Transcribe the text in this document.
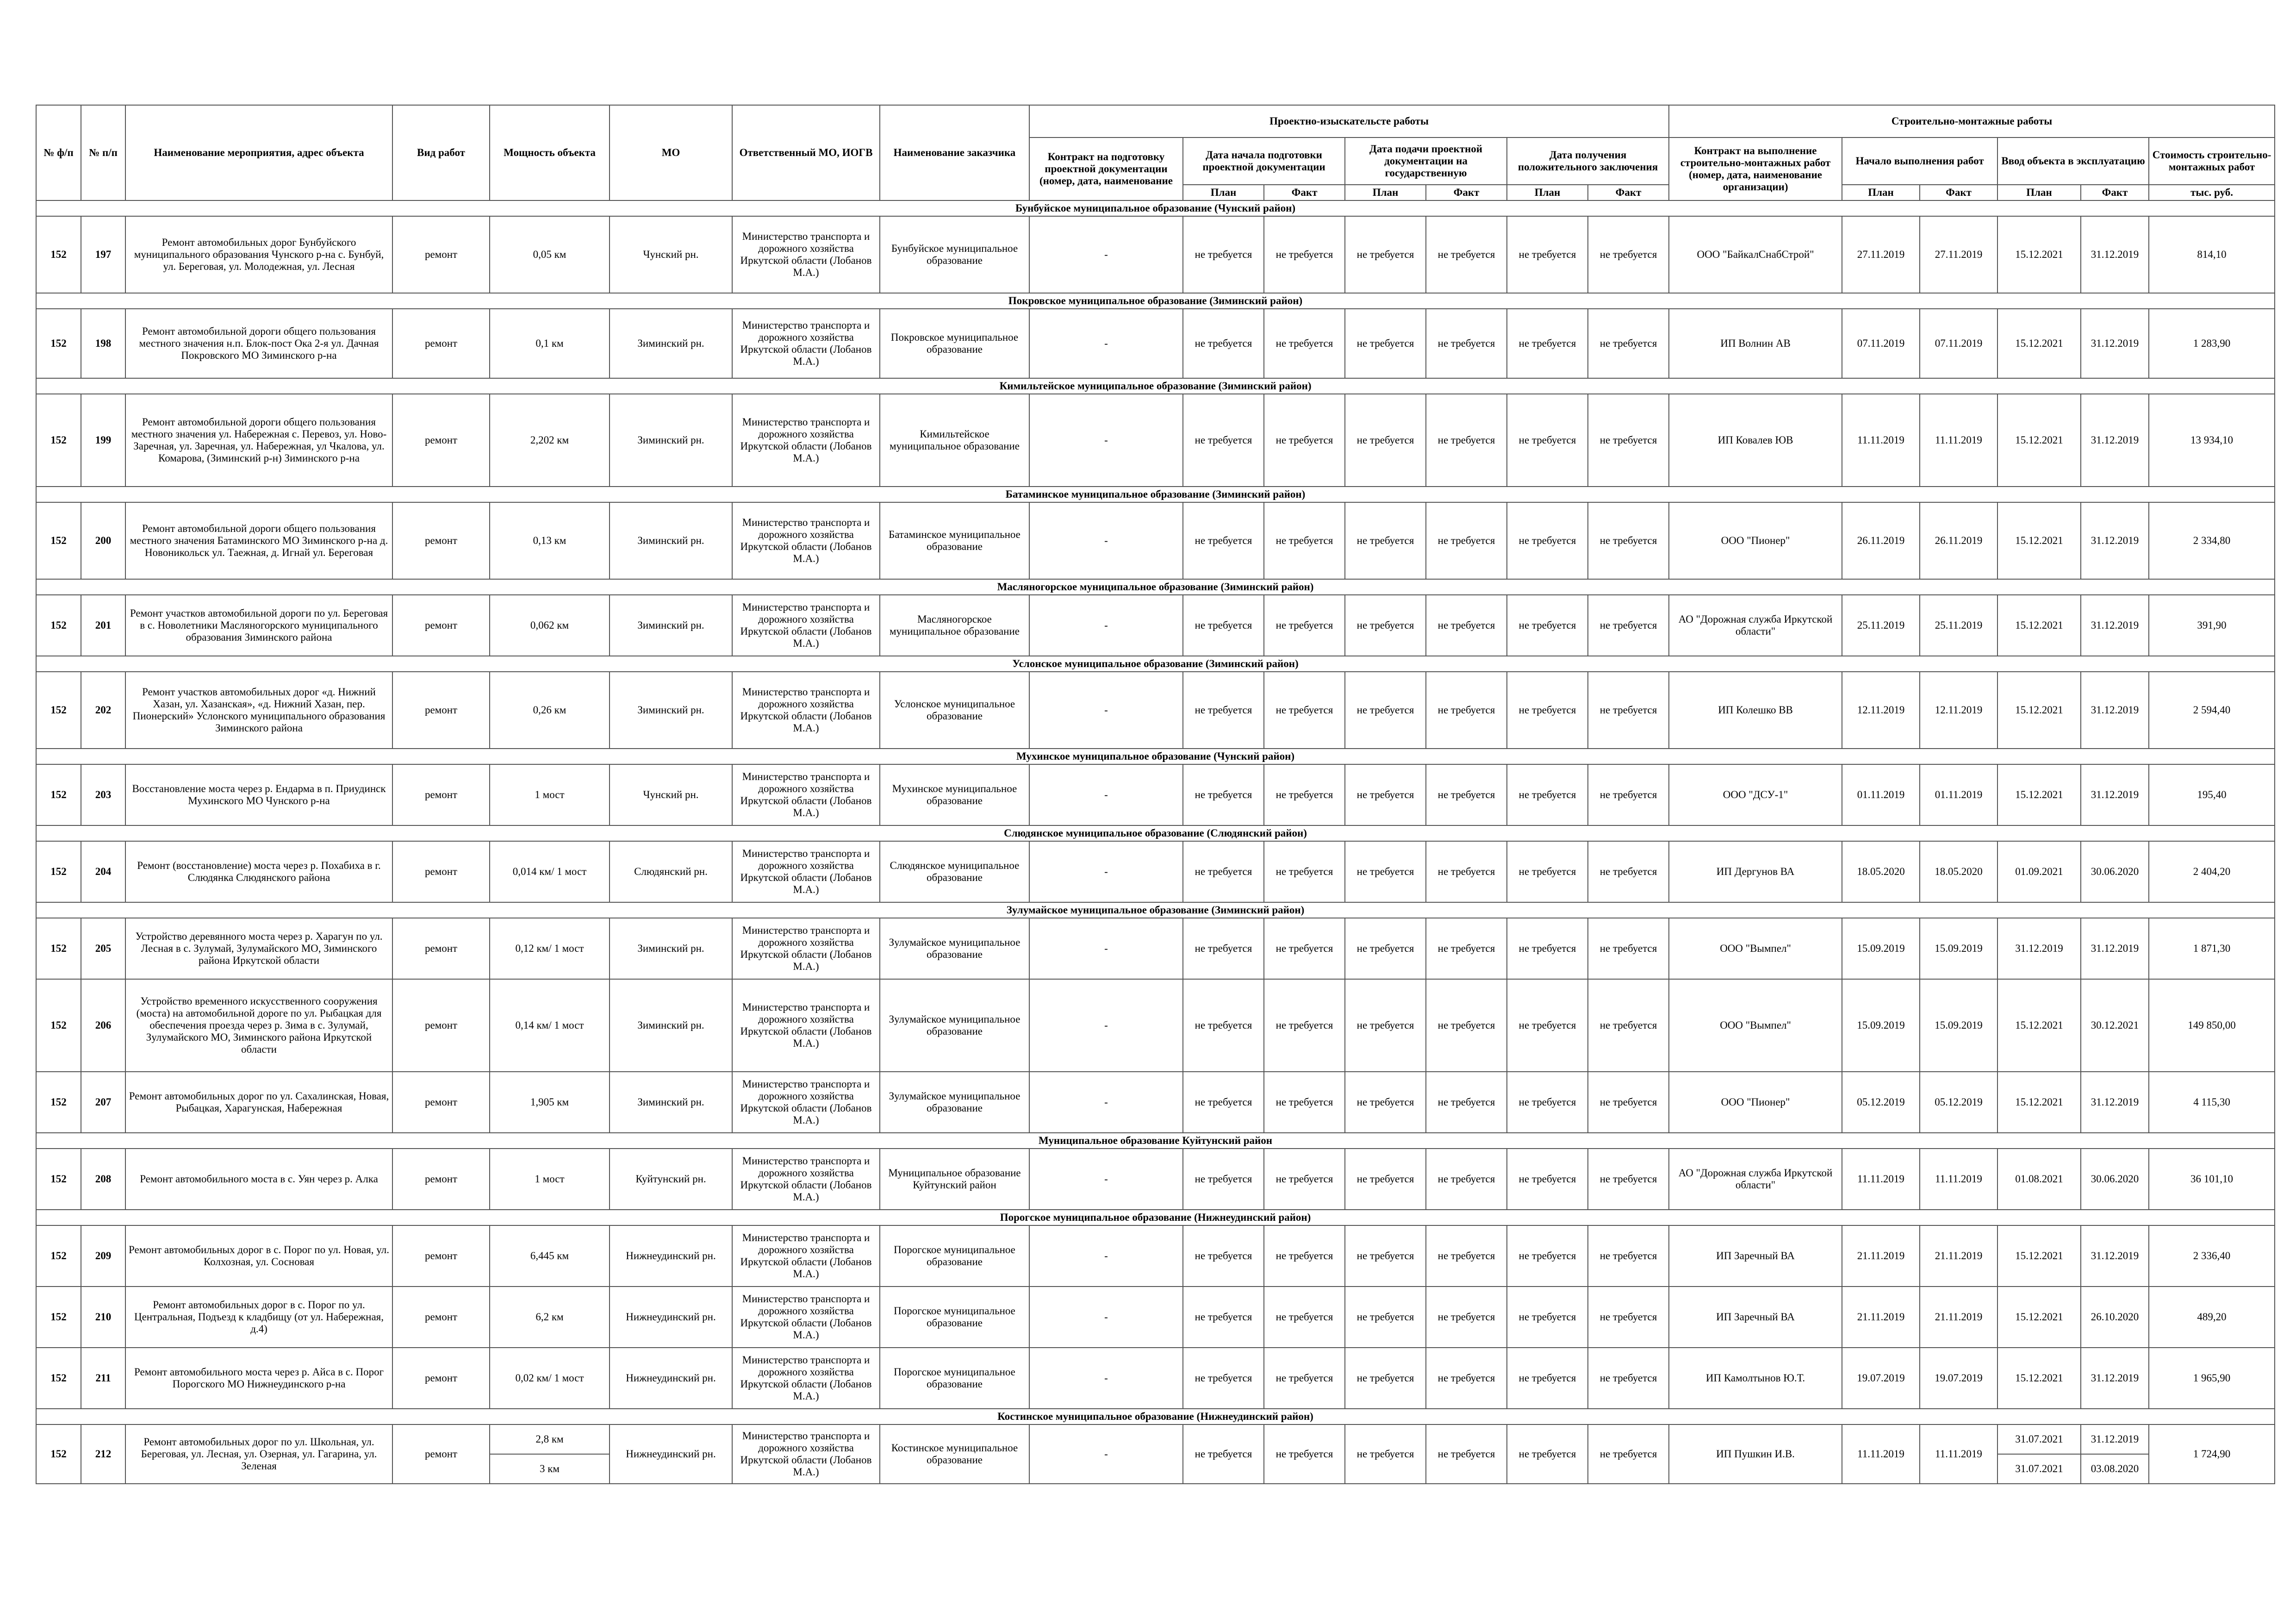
№ ф/п	№ п/п	Наименование мероприятия, адрес объекта	Вид работ	Мощность объекта	МО	Ответственный МО, ИОГВ	Наименование заказчика	Проектно-изыскательсте работы							Строительно-монтажные работы					
								Контракт на подготовку проектной документации (номер, дата, наименование	Дата начала подготовки проектной документации		Дата подачи проектной документации на государственную		Дата получения положительного заключения		Контракт на выполнение строительно-монтажных работ (номер, дата, наименование организации)	Начало выполнения работ		Ввод объекта в эксплуатацию		Стоимость строительно-монтажных работ
									План	Факт	План	Факт	План	Факт		План	Факт	План	Факт	тыс. руб.
Бунбуйское муниципальное образование (Чунский район)																				
152	197	Ремонт автомобильных дорог Бунбуйского муниципального образования Чунского р-на с. Бунбуй, ул. Береговая, ул. Молодежная, ул. Лесная	ремонт	0,05 км	Чунский рн.	Министерство транспорта и дорожного хозяйства Иркутской области (Лобанов М.А.)	Бунбуйское муниципальное образование	-	не требуется	не требуется	не требуется	не требуется	не требуется	не требуется	ООО "БайкалСнабСтрой"	27.11.2019	27.11.2019	15.12.2021	31.12.2019	814,10
Покровское муниципальное образование (Зиминский район)																				
152	198	Ремонт автомобильной дороги общего пользования местного значения н.п. Блок-пост Ока 2-я ул. Дачная Покровского МО Зиминского р-на	ремонт	0,1 км	Зиминский рн.	Министерство транспорта и дорожного хозяйства Иркутской области (Лобанов М.А.)	Покровское муниципальное образование	-	не требуется	не требуется	не требуется	не требуется	не требуется	не требуется	ИП Волнин АВ	07.11.2019	07.11.2019	15.12.2021	31.12.2019	1 283,90
Кимильтейское муниципальное образование (Зиминский район)																				
152	199	Ремонт автомобильной дороги общего пользования местного значения ул. Набережная с. Перевоз, ул. Ново-Заречная, ул. Заречная, ул. Набережная, ул Чкалова, ул. Комарова, (Зиминский р-н) Зиминского р-на	ремонт	2,202 км	Зиминский рн.	Министерство транспорта и дорожного хозяйства Иркутской области (Лобанов М.А.)	Кимильтейское муниципальное образование	-	не требуется	не требуется	не требуется	не требуется	не требуется	не требуется	ИП Ковалев ЮВ	11.11.2019	11.11.2019	15.12.2021	31.12.2019	13 934,10
Батаминское муниципальное образование (Зиминский район)																				
152	200	Ремонт автомобильной дороги общего пользования местного значения Батаминского МО Зиминского р-на д. Новоникольск ул. Таежная, д. Игнай ул. Береговая	ремонт	0,13 км	Зиминский рн.	Министерство транспорта и дорожного хозяйства Иркутской области (Лобанов М.А.)	Батаминское муниципальное образование	-	не требуется	не требуется	не требуется	не требуется	не требуется	не требуется	ООО "Пионер"	26.11.2019	26.11.2019	15.12.2021	31.12.2019	2 334,80
Масляногорское муниципальное образование (Зиминский район)																				
152	201	Ремонт участков автомобильной дороги по ул. Береговая в с. Новолетники Масляногорского муниципального образования Зиминского района	ремонт	0,062 км	Зиминский рн.	Министерство транспорта и дорожного хозяйства Иркутской области (Лобанов М.А.)	Масляногорское муниципальное образование	-	не требуется	не требуется	не требуется	не требуется	не требуется	не требуется	АО "Дорожная служба Иркутской области"	25.11.2019	25.11.2019	15.12.2021	31.12.2019	391,90
Услонское муниципальное образование (Зиминский район)																				
152	202	Ремонт участков автомобильных дорог «д. Нижний Хазан, ул. Хазанская», «д. Нижний Хазан, пер. Пионерский» Услонского муниципального образования Зиминского района	ремонт	0,26 км	Зиминский рн.	Министерство транспорта и дорожного хозяйства Иркутской области (Лобанов М.А.)	Услонское муниципальное образование	-	не требуется	не требуется	не требуется	не требуется	не требуется	не требуется	ИП Колешко ВВ	12.11.2019	12.11.2019	15.12.2021	31.12.2019	2 594,40
Мухинское муниципальное образование (Чунский район)																				
152	203	Восстановление моста через р. Ендарма в п. Приудинск Мухинского МО Чунского р-на	ремонт	1 мост	Чунский рн.	Министерство транспорта и дорожного хозяйства Иркутской области (Лобанов М.А.)	Мухинское муниципальное образование	-	не требуется	не требуется	не требуется	не требуется	не требуется	не требуется	ООО "ДСУ-1"	01.11.2019	01.11.2019	15.12.2021	31.12.2019	195,40
Слюдянское муниципальное образование (Слюдянский район)																				
152	204	Ремонт (восстановление) моста через р. Похабиха в г. Слюдянка Слюдянского района	ремонт	0,014 км/ 1 мост	Слюдянский рн.	Министерство транспорта и дорожного хозяйства Иркутской области (Лобанов М.А.)	Слюдянское муниципальное образование	-	не требуется	не требуется	не требуется	не требуется	не требуется	не требуется	ИП Дергунов ВА	18.05.2020	18.05.2020	01.09.2021	30.06.2020	2 404,20
Зулумайское муниципальное образование (Зиминский район)																				
152	205	Устройство деревянного моста через р. Харагун по ул. Лесная в с. Зулумай, Зулумайского МО, Зиминского района Иркутской области	ремонт	0,12 км/ 1 мост	Зиминский рн.	Министерство транспорта и дорожного хозяйства Иркутской области (Лобанов М.А.)	Зулумайское муниципальное образование	-	не требуется	не требуется	не требуется	не требуется	не требуется	не требуется	ООО "Вымпел"	15.09.2019	15.09.2019	31.12.2019	31.12.2019	1 871,30
152	206	Устройство временного искусственного сооружения (моста) на автомобильной дороге по ул. Рыбацкая для обеспечения проезда через р. Зима в с. Зулумай, Зулумайского МО, Зиминского района Иркутской области	ремонт	0,14 км/ 1 мост	Зиминский рн.	Министерство транспорта и дорожного хозяйства Иркутской области (Лобанов М.А.)	Зулумайское муниципальное образование	-	не требуется	не требуется	не требуется	не требуется	не требуется	не требуется	ООО "Вымпел"	15.09.2019	15.09.2019	15.12.2021	30.12.2021	149 850,00
152	207	Ремонт автомобильных дорог по ул. Сахалинская, Новая, Рыбацкая, Харагунская, Набережная	ремонт	1,905 км	Зиминский рн.	Министерство транспорта и дорожного хозяйства Иркутской области (Лобанов М.А.)	Зулумайское муниципальное образование	-	не требуется	не требуется	не требуется	не требуется	не требуется	не требуется	ООО "Пионер"	05.12.2019	05.12.2019	15.12.2021	31.12.2019	4 115,30
Муниципальное образование Куйтунский район																				
152	208	Ремонт автомобильного моста в с. Уян через р. Алка	ремонт	1 мост	Куйтунский рн.	Министерство транспорта и дорожного хозяйства Иркутской области (Лобанов М.А.)	Муниципальное образование Куйтунский район	-	не требуется	не требуется	не требуется	не требуется	не требуется	не требуется	АО "Дорожная служба Иркутской области"	11.11.2019	11.11.2019	01.08.2021	30.06.2020	36 101,10
Порогское муниципальное образование (Нижнеудинский район)																				
152	209	Ремонт автомобильных дорог в с. Порог по ул. Новая, ул. Колхозная, ул. Сосновая	ремонт	6,445 км	Нижнеудинский рн.	Министерство транспорта и дорожного хозяйства Иркутской области (Лобанов М.А.)	Порогское муниципальное образование	-	не требуется	не требуется	не требуется	не требуется	не требуется	не требуется	ИП Заречный ВА	21.11.2019	21.11.2019	15.12.2021	31.12.2019	2 336,40
152	210	Ремонт автомобильных дорог в с. Порог по ул. Центральная, Подъезд к кладбищу (от ул. Набережная, д.4)	ремонт	6,2 км	Нижнеудинский рн.	Министерство транспорта и дорожного хозяйства Иркутской области (Лобанов М.А.)	Порогское муниципальное образование	-	не требуется	не требуется	не требуется	не требуется	не требуется	не требуется	ИП Заречный ВА	21.11.2019	21.11.2019	15.12.2021	26.10.2020	489,20
152	211	Ремонт автомобильного моста через р. Айса в с. Порог Порогского МО Нижнеудинского р-на	ремонт	0,02 км/ 1 мост	Нижнеудинский рн.	Министерство транспорта и дорожного хозяйства Иркутской области (Лобанов М.А.)	Порогское муниципальное образование	-	не требуется	не требуется	не требуется	не требуется	не требуется	не требуется	ИП Камолтынов Ю.Т.	19.07.2019	19.07.2019	15.12.2021	31.12.2019	1 965,90
Костинское муниципальное образование (Нижнеудинский район)																				
152	212	Ремонт автомобильных дорог по ул. Школьная, ул. Береговая, ул. Лесная, ул. Озерная, ул. Гагарина, ул. Зеленая	ремонт	2,8 км	Нижнеудинский рн.	Министерство транспорта и дорожного хозяйства Иркутской области (Лобанов М.А.)	Костинское муниципальное образование	-	не требуется	не требуется	не требуется	не требуется	не требуется	не требуется	ИП Пушкин И.В.	11.11.2019	11.11.2019	31.07.2021	31.12.2019	1 724,90
				3 км														31.07.2021	03.08.2020	
